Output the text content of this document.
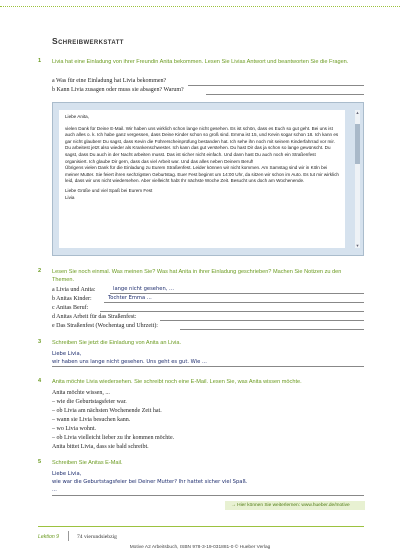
Schreibwerkstatt
1 Livia hat eine Einladung von ihrer Freundin Anita bekommen. Lesen Sie Livias Antwort und beantworten Sie die Fragen.
a Was für eine Einladung hat Livia bekommen?
b Kann Livia zusagen oder muss sie absagen? Warum?

Liebe Anita,

vielen Dank für Deine E-Mail. Wir haben uns wirklich schon lange nicht gesehen. Es ist schön, dass es Euch so gut geht. Bei uns ist auch alles o. k. Ich habe ganz vergessen, dass Deine Kinder schon so groß sind. Emma ist 15, und Kevin sogar schon 18. Ich kann es gar nicht glauben! Du sagst, dass Kevin die Führerscheinprüfung bestanden hat. Ich sehe ihn noch mit seinem Kinderfahrrad vor mir.

Du arbeitest jetzt also wieder als Krankenschwester. Ich kann das gut verstehen. Du hast Dir das ja schon so lange gewünscht. Du sagst, dass Du auch in der Nacht arbeiten musst. Das ist sicher nicht einfach. Und dann hast Du auch noch ein Straßenfest organisiert. Ich glaube Dir gern, dass das viel Arbeit war. Und das alles neben Deinem Beruf!

Übrigens vielen Dank für die Einladung zu Eurem Straßenfest. Leider können wir nicht kommen. Am Samstag sind wir in Köln bei meiner Mutter. Sie feiert ihren sechzigsten Geburtstag. Euer Fest beginnt um 14:00 Uhr, da sitzen wir schon im Auto. Es tut mir wirklich leid, dass wir uns nicht wiedersehen. Aber vielleicht habt Ihr nächste Woche Zeit. Besucht uns doch am Wochenende.

Liebe Grüße und viel Spaß bei Eurem Fest

Livia

▲
▼
2 Lesen Sie noch einmal. Was meinen Sie? Was hat Anita in ihrer Einladung geschrieben? Machen Sie Notizen zu den Themen.
a Livia und Anita:	lange nicht gesehen, ...
b Anitas Kinder:	Tochter Emma ...
c Anitas Beruf:
d Anitas Arbeit für das Straßenfest:
e Das Straßenfest (Wochentag und Uhrzeit):
3 Schreiben Sie jetzt die Einladung von Anita an Livia.
Liebe Livia,
wir haben uns lange nicht gesehen. Uns geht es gut. Wie ...
4 Anita möchte Livia wiedersehen. Sie schreibt noch eine E-Mail. Lesen Sie, was Anita wissen möchte.
Anita möchte wissen, ...
– wie die Geburtstagsfeier war.
– ob Livia am nächsten Wochenende Zeit hat.
– wann sie Livia besuchen kann.
– wo Livia wohnt.
– ob Livia vielleicht lieber zu ihr kommen möchte.
Anita bittet Livia, dass sie bald schreibt.
5 Schreiben Sie Anitas E-Mail.
Liebe Livia,
wie war die Geburtstagsfeier bei Deiner Mutter? Ihr hattet sicher viel Spaß.
...
→ Hier können Sie weiterlernen: www.hueber.de/motive
Lektion 9	74 vierundsiebzig
Motive A2 Arbeitsbuch, ISBN 978-3-19-031881-0 © Hueber Verlag
